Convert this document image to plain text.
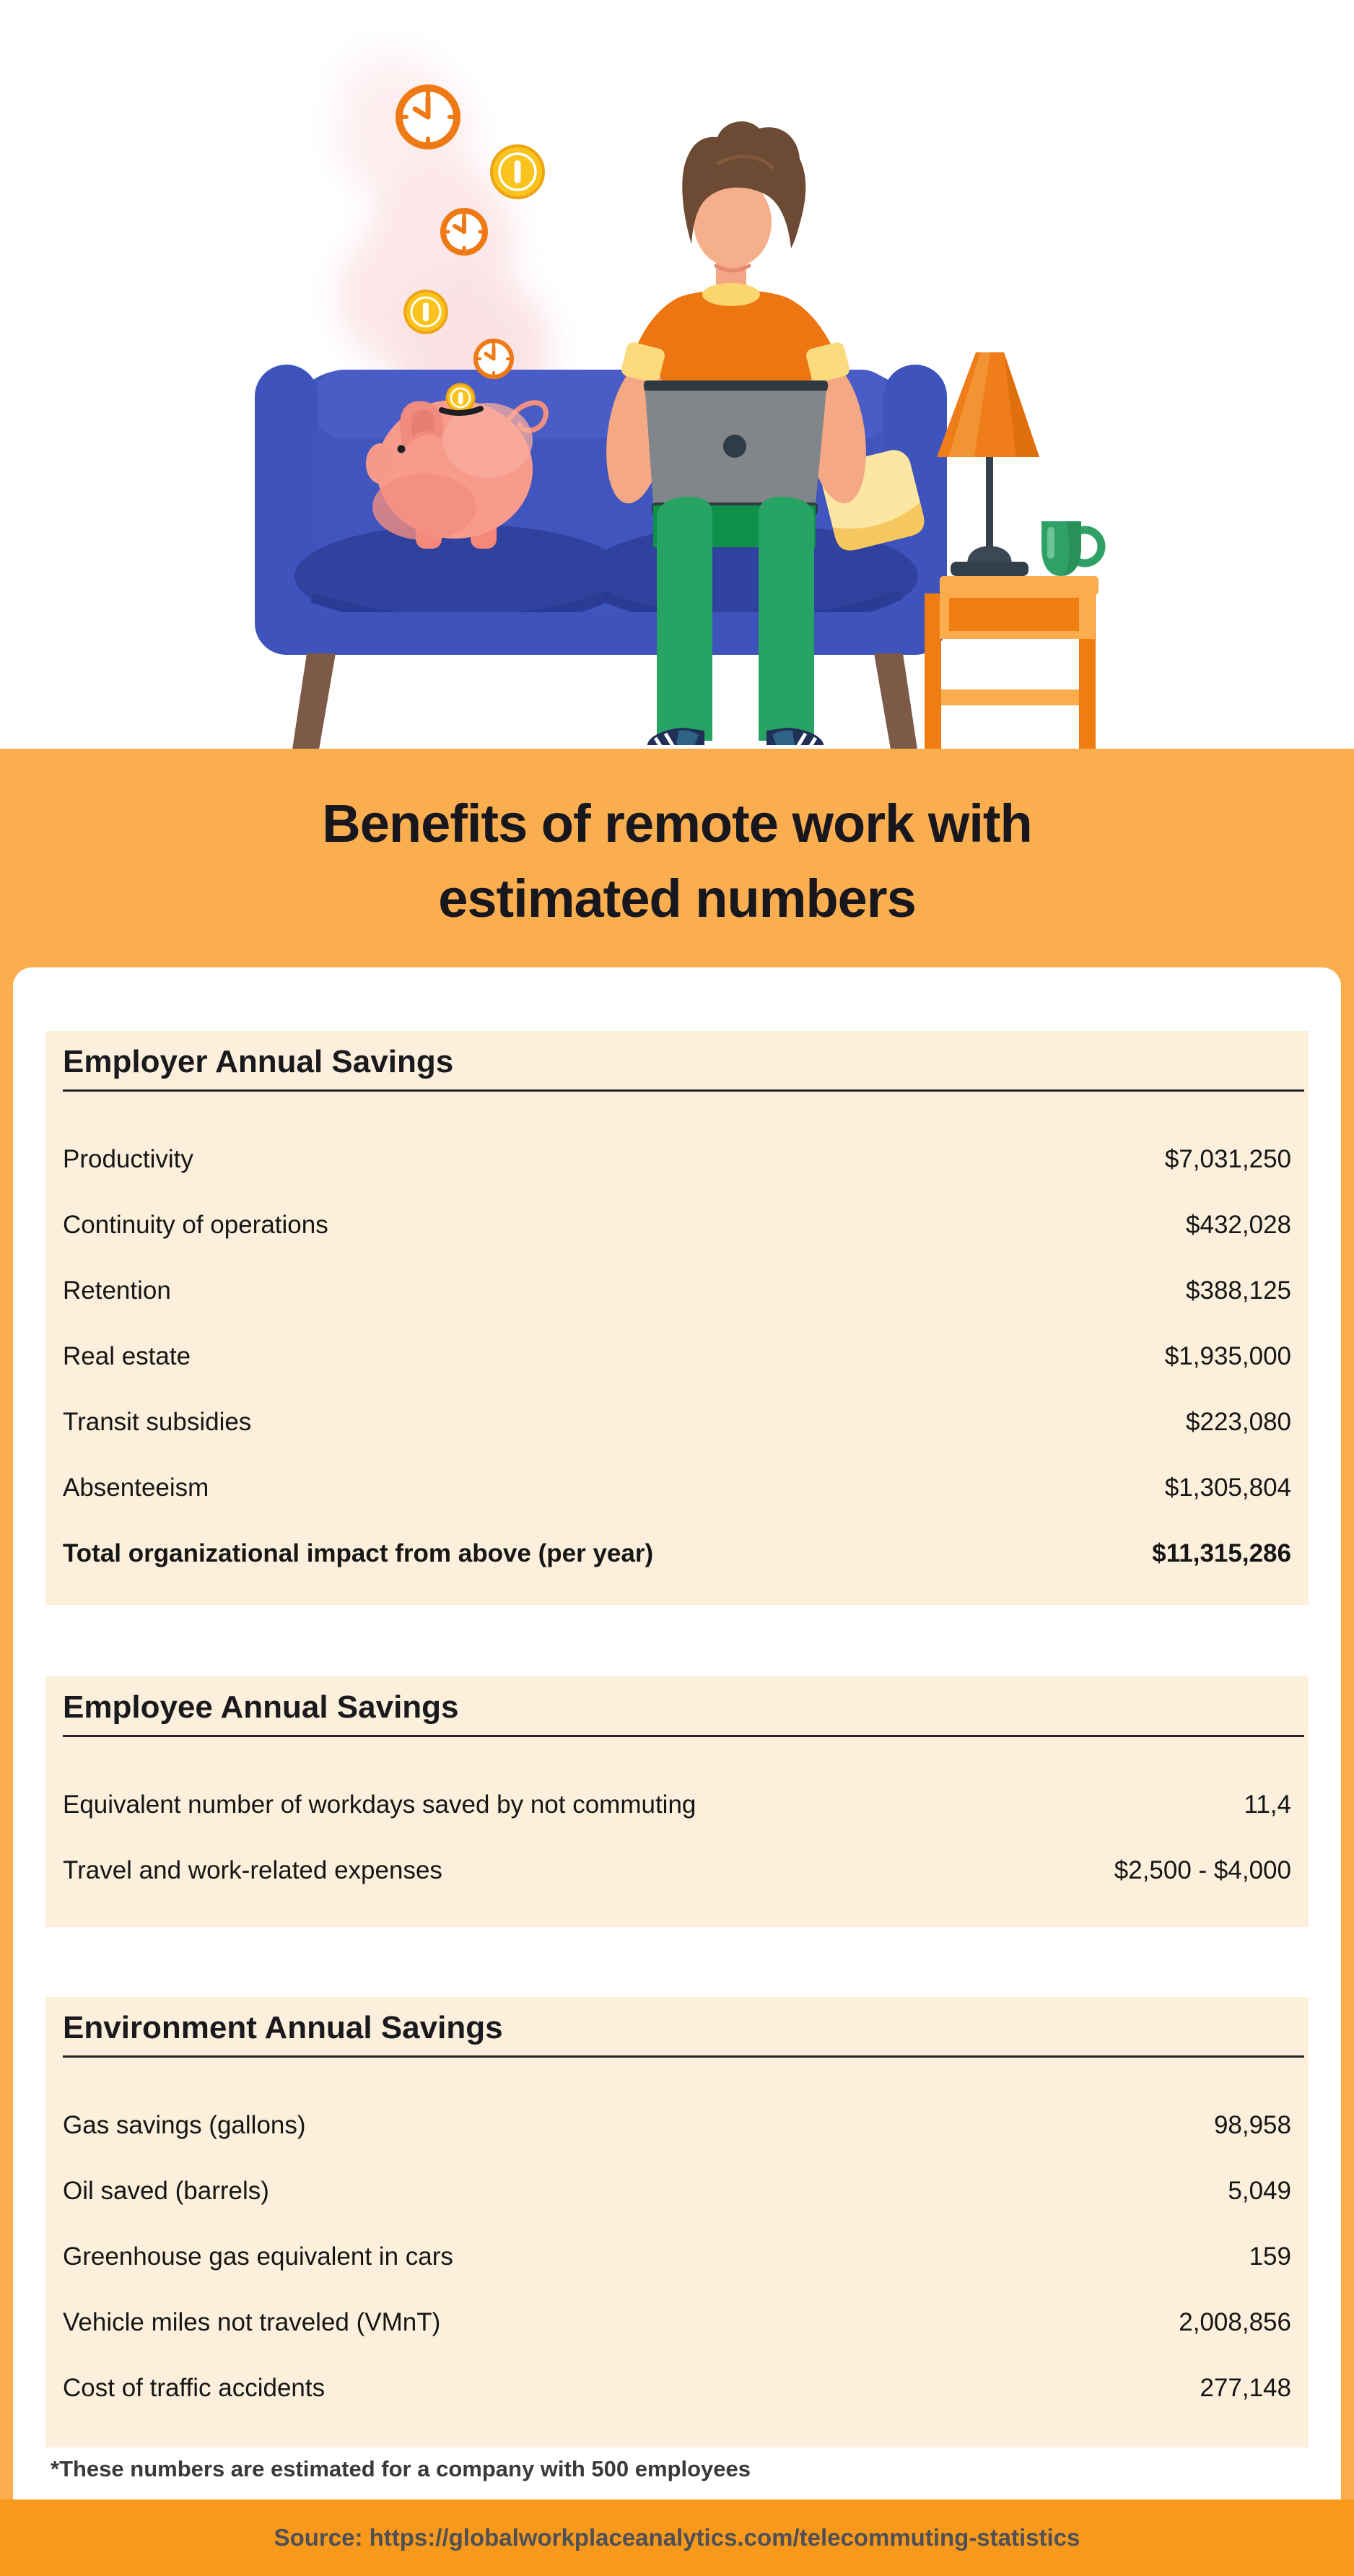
Benefits of remote work with
estimated numbers
Employer Annual Savings
Productivity	$7,031,250
Continuity of operations	$432,028
Retention	$388,125
Real estate	$1,935,000
Transit subsidies	$223,080
Absenteeism	$1,305,804
Total organizational impact from above (per year)	$11,315,286
Employee Annual Savings
Equivalent number of workdays saved by not commuting	11,4
Travel and work-related expenses	$2,500 - $4,000
Environment Annual Savings
Gas savings (gallons)	98,958
Oil saved (barrels)	5,049
Greenhouse gas equivalent in cars	159
Vehicle miles not traveled (VMnT)	2,008,856
Cost of traffic accidents	277,148
*These numbers are estimated for a company with 500 employees
Source: https://globalworkplaceanalytics.com/telecommuting-statistics
